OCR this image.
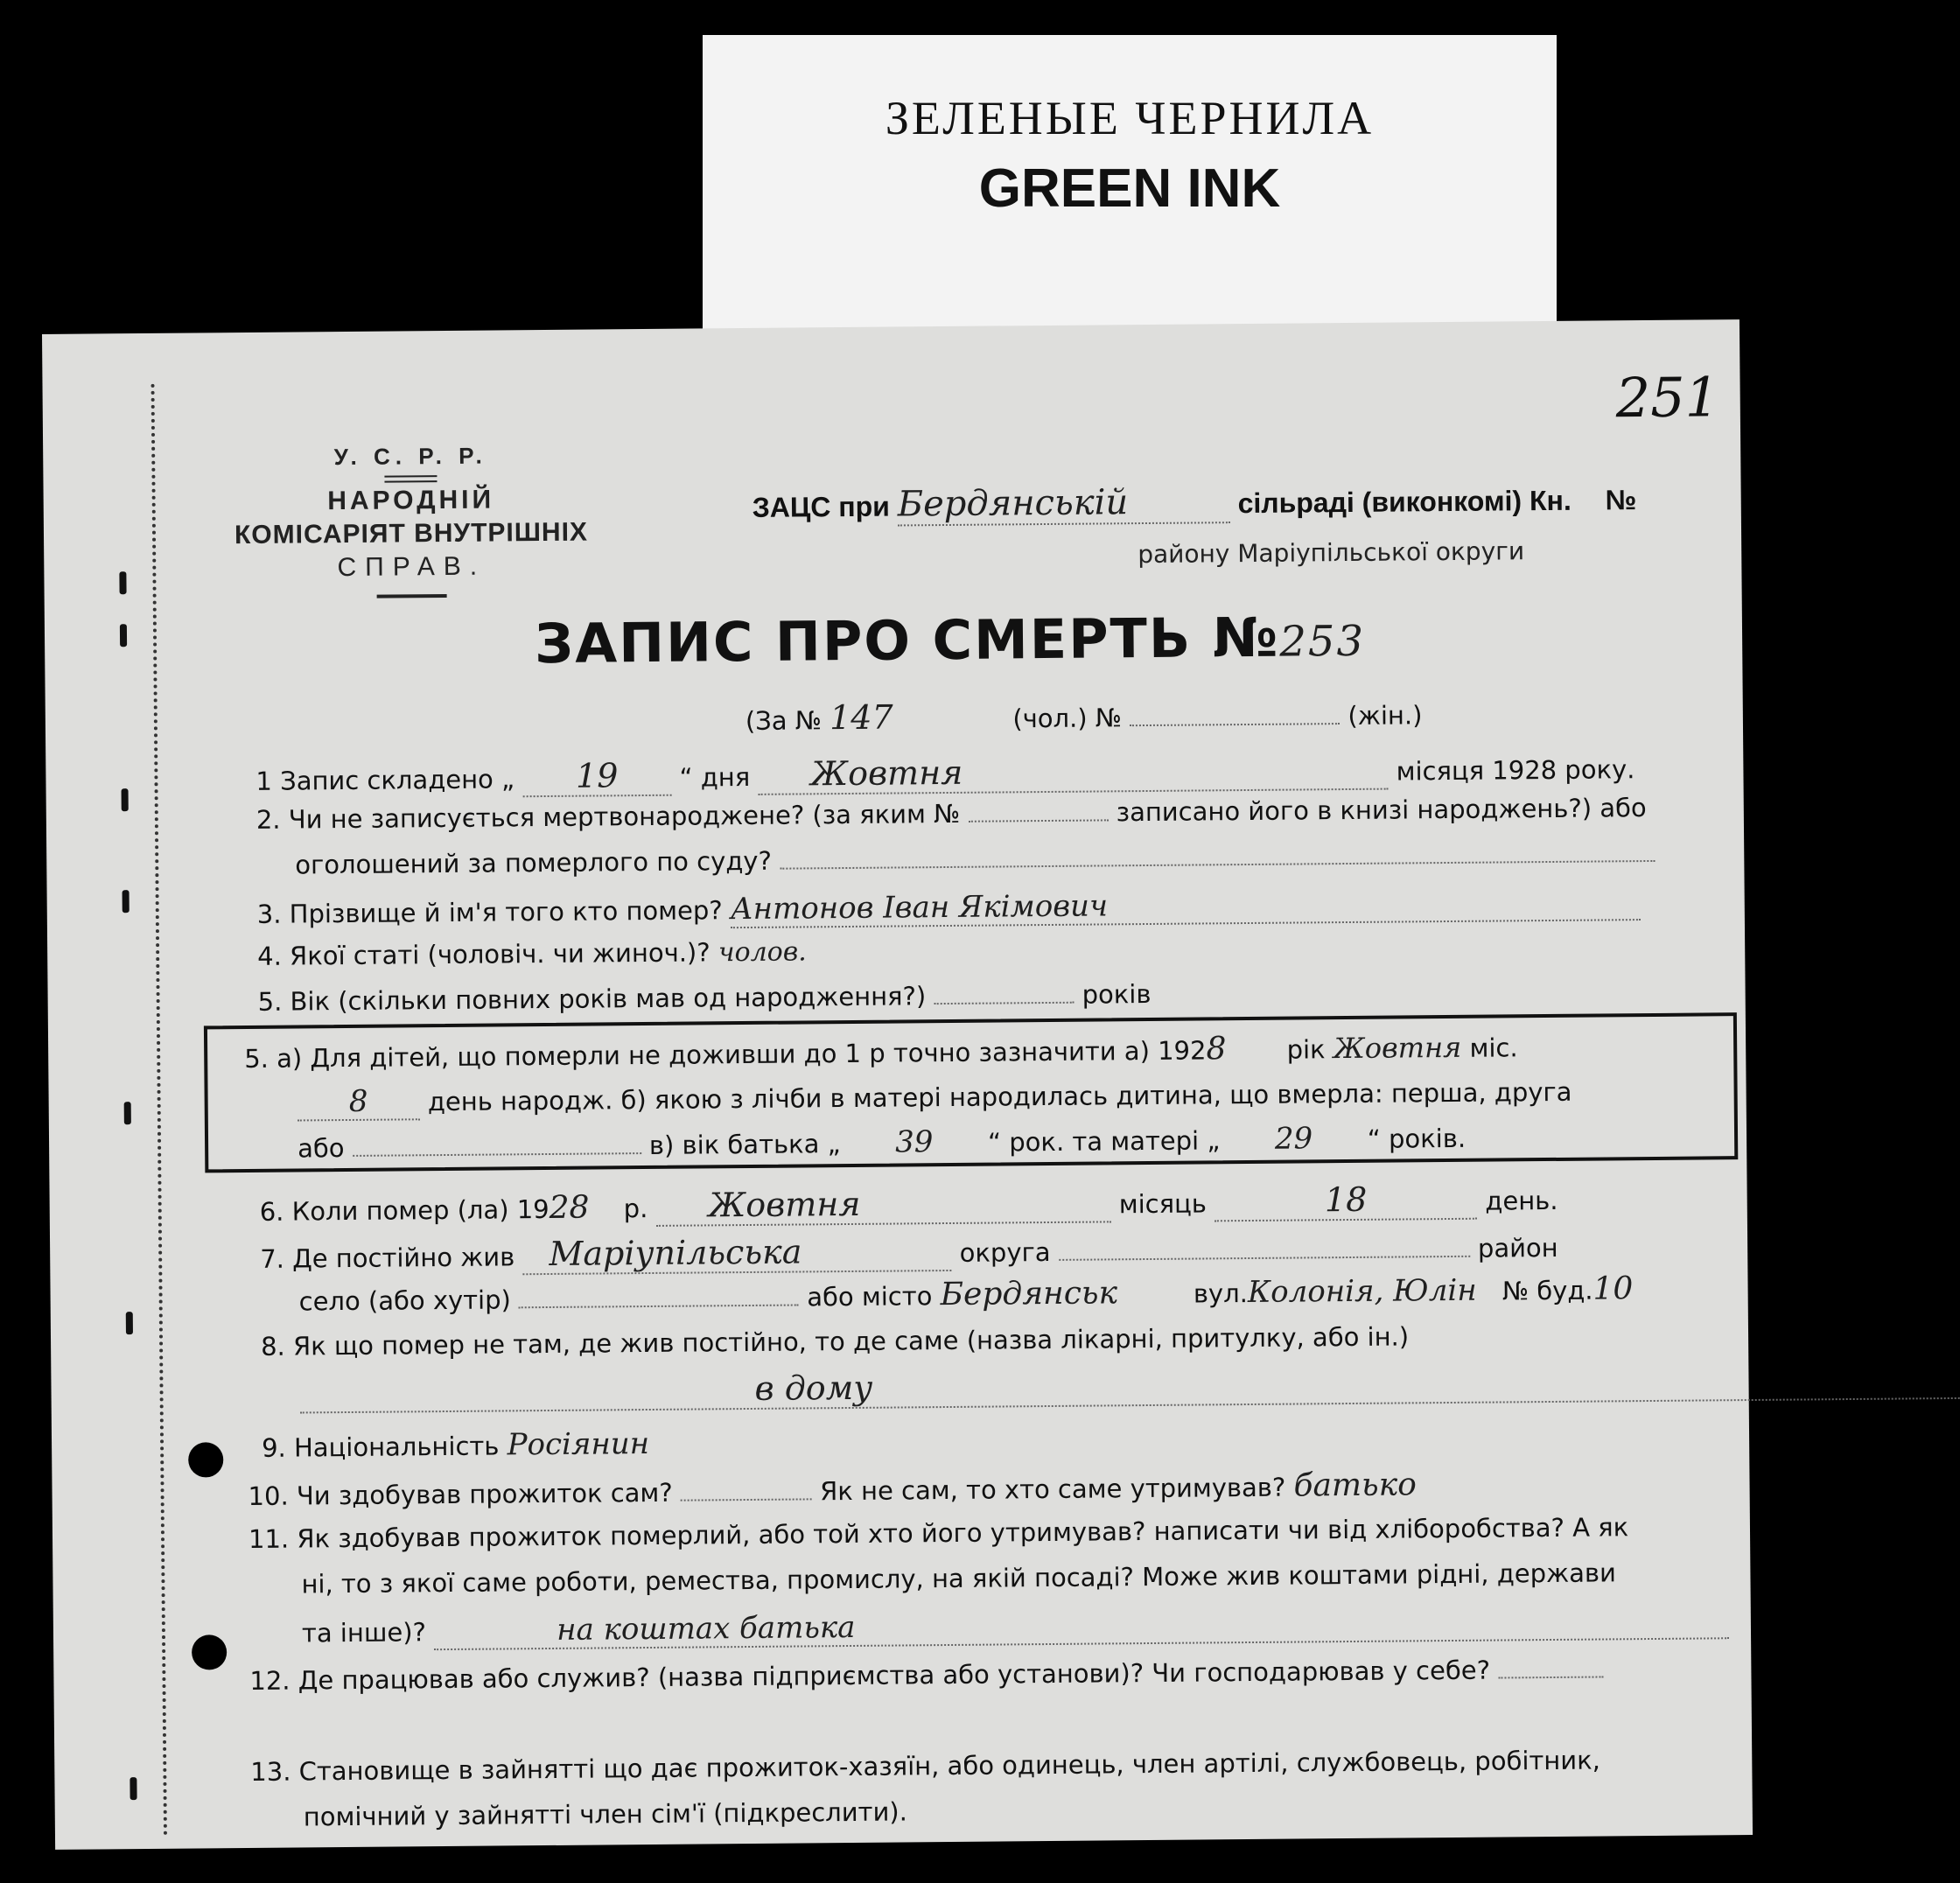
ЗЕЛЕНЫЕ ЧЕРНИЛА
GREEN INK
251
У. С. Р. Р.
НАРОДНІЙ
КОМІСАРІЯТ ВНУТРІШНІХ
СПРАВ.
ЗАЦС при Бердянській	сільраді (виконкомі) Кн. №
району Маріупільської округи
ЗАПИС ПРО СМЕРТЬ №253
(За № 147	(чол.) №	(жін.)
1 Запис складено „ 19 “ дня Жовтня	місяця 1928 року.
2. Чи не записується мертвонароджене? (за яким №	записано його в книзі народжень?) або
оголошений за померлого по суду?
3. Прізвище й ім'я того кто помер? Антонов Іван Якімович
4. Якої статі (чоловіч. чи жиноч.)? чолов.
5. Вік (скільки повних років мав од народження?)	років
5. а) Для дітей, що померли не доживши до 1 р точно зазначити а) 1928 рік Жовтня міс.
8 день народж. б) якою з лічби в матері народилась дитина, що вмерла: перша, друга
або	в) вік батька „ 39 “ рок. та матері „ 29 “ років.
6. Коли помер (ла) 1928 р. Жовтня	місяць	18	день.
7. Де постійно жив Маріупільська	округа	район
село (або хутір)	або місто Бердянськ	вул.Колонія, Юлін № буд.10
8. Як що помер не там, де жив постійно, то де саме (назва лікарні, притулку, або ін.)
в дому
9. Національність Росіянин
10. Чи здобував прожиток сам?	Як не сам, то хто саме утримував? батько
11. Як здобував прожиток померлий, або той хто його утримував? написати чи від хліборобства? А як
ні, то з якої саме роботи, ремества, промислу, на якій посаді? Може жив коштами рідні, держави
та інше)?	на коштах батька
12. Де працював або служив? (назва підприємства або установи)? Чи господарював у себе?
13. Становище в зайнятті що дає прожиток-хазяїн, або одинець, член артілі, службовець, робітник,
помічний у зайнятті член сім'ї (підкреслити).
